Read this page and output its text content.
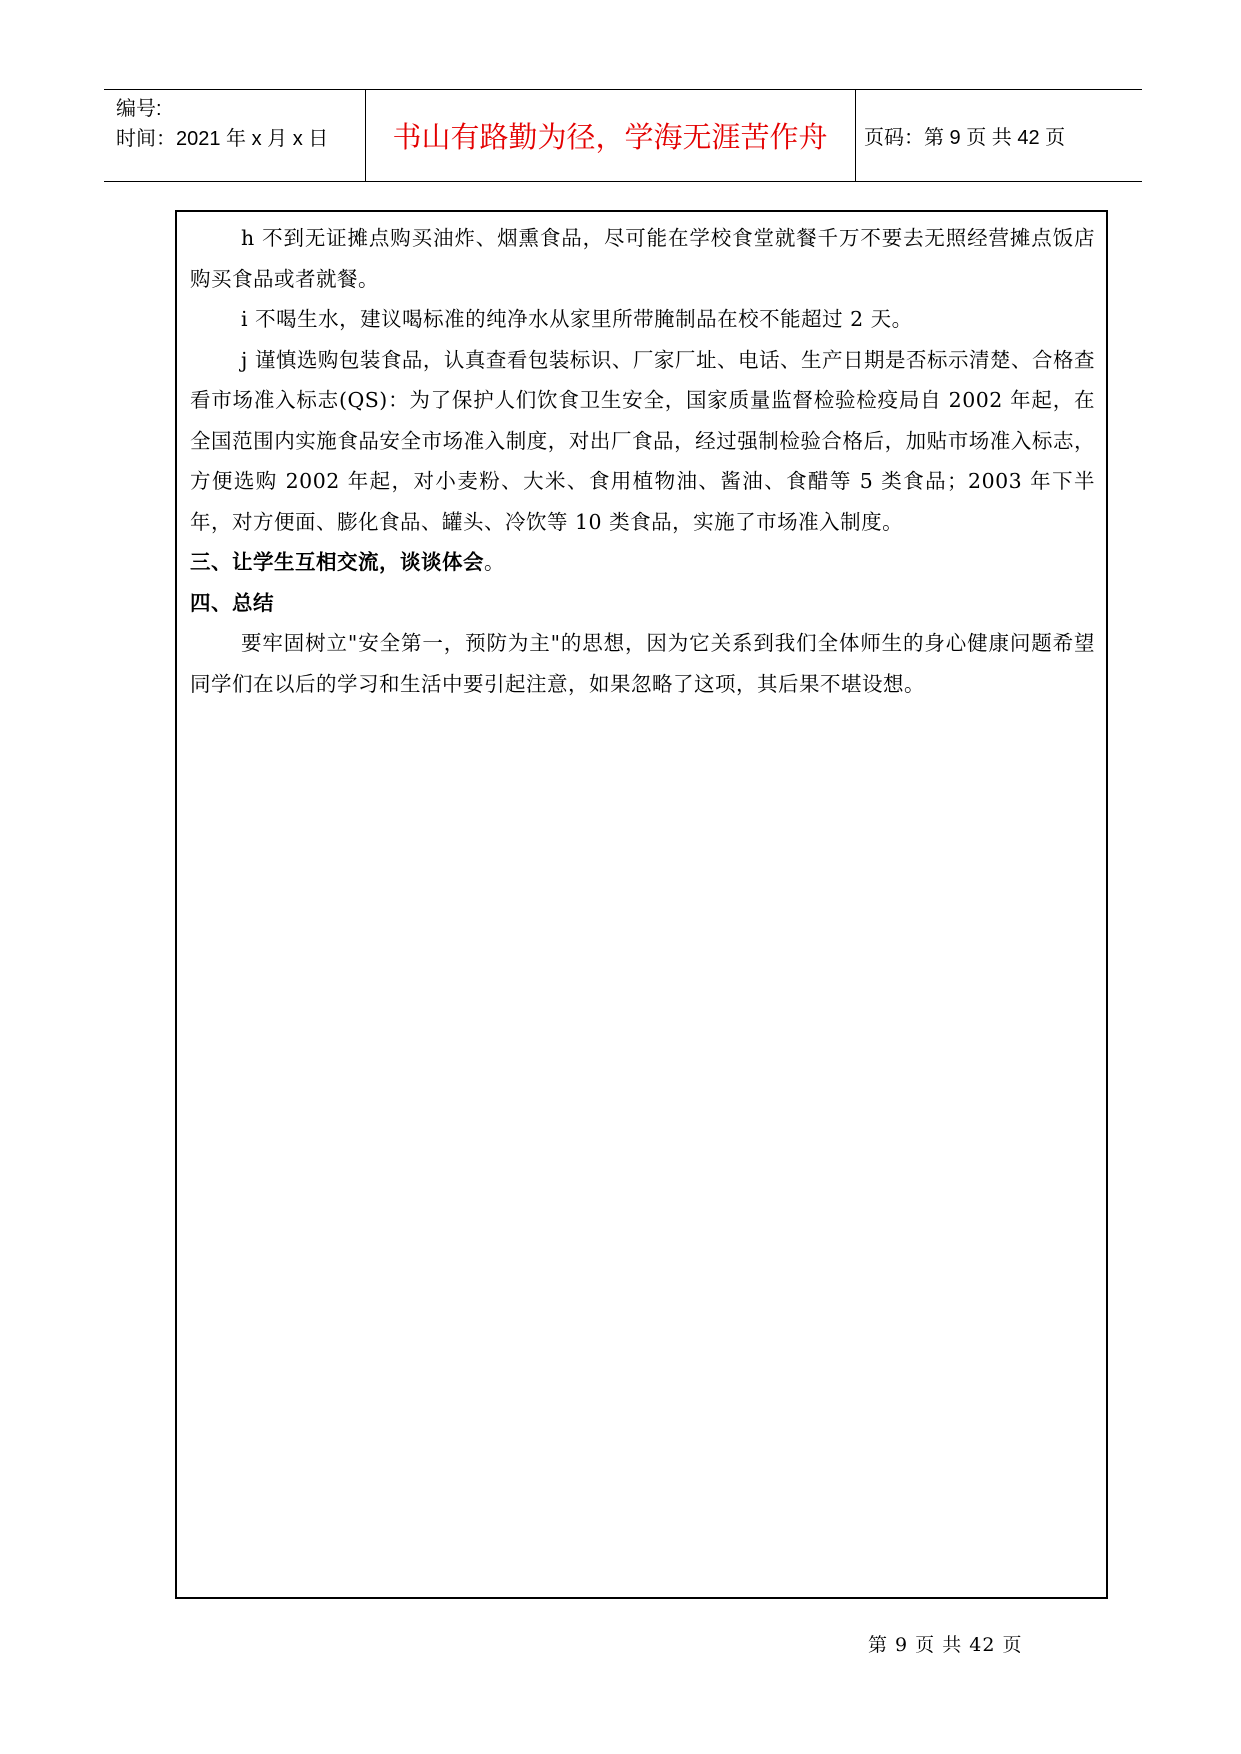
编号:
时间：2021 年 x 月 x 日	书山有路勤为径，学海无涯苦作舟	页码：第 9 页 共 42 页

h 不到无证摊点购买油炸、烟熏食品，尽可能在学校食堂就餐千万不要去无照经营摊点饭店购买食品或者就餐。

i 不喝生水，建议喝标准的纯净水从家里所带腌制品在校不能超过 2 天。

j 谨慎选购包装食品，认真查看包装标识、厂家厂址、电话、生产日期是否标示清楚、合格查看市场准入标志(QS)：为了保护人们饮食卫生安全，国家质量监督检验检疫局自 2002 年起，在全国范围内实施食品安全市场准入制度，对出厂食品，经过强制检验合格后，加贴市场准入标志，方便选购 2002 年起，对小麦粉、大米、食用植物油、酱油、食醋等 5 类食品；2003 年下半年，对方便面、膨化食品、罐头、冷饮等 10 类食品，实施了市场准入制度。

三、让学生互相交流，谈谈体会。

四、总结

要牢固树立"安全第一，预防为主"的思想，因为它关系到我们全体师生的身心健康问题希望同学们在以后的学习和生活中要引起注意，如果忽略了这项，其后果不堪设想。

第 9 页 共 42 页
